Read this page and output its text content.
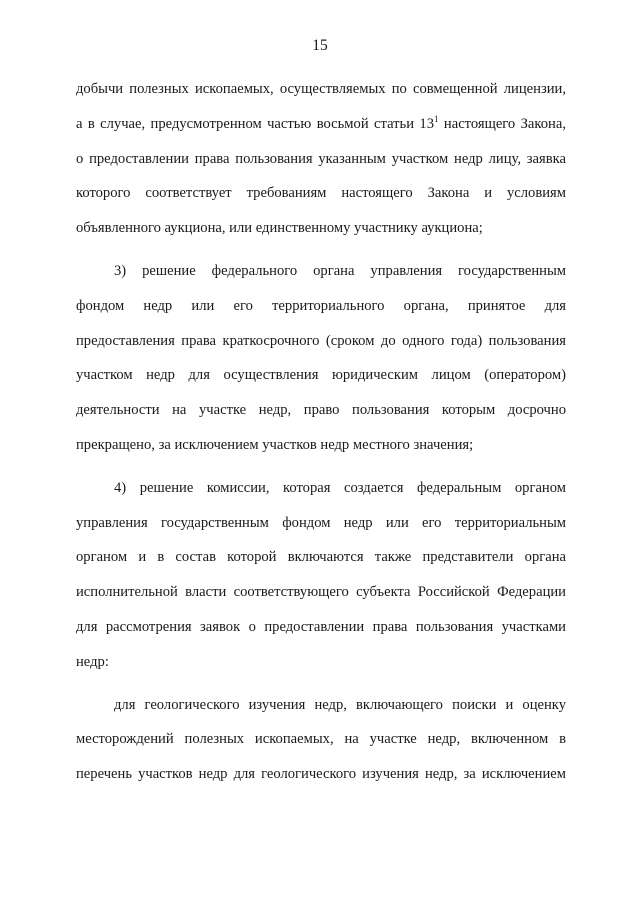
15
добычи полезных ископаемых, осуществляемых по совмещенной лицензии,
а в случае, предусмотренном частью восьмой статьи $13^1$ настоящего Закона,
о предоставлении права пользования указанным участком недр лицу, заявка
которого соответствует требованиям настоящего Закона и условиям
объявленного аукциона, или единственному участнику аукциона;
3) решение федерального органа управления государственным
фондом недр или его территориального органа, принятое для
предоставления права краткосрочного (сроком до одного года) пользования
участком недр для осуществления юридическим лицом (оператором)
деятельности на участке недр, право пользования которым досрочно
прекращено, за исключением участков недр местного значения;
4) решение комиссии, которая создается федеральным органом
управления государственным фондом недр или его территориальным
органом и в состав которой включаются также представители органа
исполнительной власти соответствующего субъекта Российской Федерации
для рассмотрения заявок о предоставлении права пользования участками
недр:
для геологического изучения недр, включающего поиски и оценку
месторождений полезных ископаемых, на участке недр, включенном в
перечень участков недр для геологического изучения недр, за исключением
